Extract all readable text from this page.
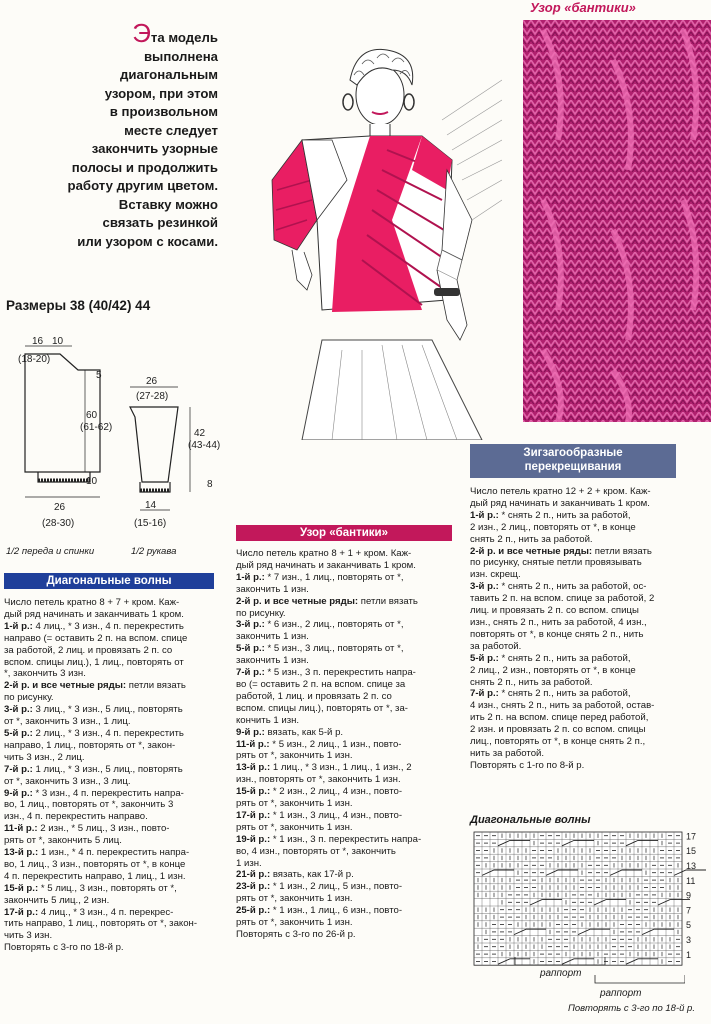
Эта модель
выполнена
диагональным
узором, при этом
в произвольном
месте следует
закончить узорные
полосы и продолжить
работу другим цветом.
Вставку можно
связать резинкой
или узором с косами.
Узор «бантики»
Размеры 38 (40/42) 44
16 10
(18-20)
5
60
(61-62)
10
26
(28-30)
26
(27-28)
42
(43-44)
8
14
(15-16)
1/2 переда и спинки	1/2 рукава
Диагональные волны
Узор «бантики»
Зигзагообразные
перекрещивания

Число петель кратно 8 + 7 + кром. Каж-

дый ряд начинать и заканчивать 1 кром.

1-й р.: 4 лиц., * 3 изн., 4 п. перекрестить

направо (= оставить 2 п. на вспом. спице

за работой, 2 лиц. и провязать 2 п. со

вспом. спицы лиц.), 1 лиц., повторять от

*, закончить 3 изн.

2-й р. и все четные ряды: петли вязать

по рисунку.

3-й р.: 3 лиц., * 3 изн., 5 лиц., повторять

от *, закончить 3 изн., 1 лиц.

5-й р.: 2 лиц., * 3 изн., 4 п. перекрестить

направо, 1 лиц., повторять от *, закон-

чить 3 изн., 2 лиц.

7-й р.: 1 лиц., * 3 изн., 5 лиц., повторять

от *, закончить 3 изн., 3 лиц.

9-й р.: * 3 изн., 4 п. перекрестить напра-

во, 1 лиц., повторять от *, закончить 3

изн., 4 п. перекрестить направо.

11-й р.: 2 изн., * 5 лиц., 3 изн., повто-

рять от *, закончить 5 лиц.

13-й р.: 1 изн., * 4 п. перекрестить напра-

во, 1 лиц., 3 изн., повторять от *, в конце

4 п. перекрестить направо, 1 лиц., 1 изн.

15-й р.: * 5 лиц., 3 изн., повторять от *,

закончить 5 лиц., 2 изн.

17-й р.: 4 лиц., * 3 изн., 4 п. перекрес-

тить направо, 1 лиц., повторять от *, закон-

чить 3 изн.

Повторять с 3-го по 18-й р.

Число петель кратно 8 + 1 + кром. Каж-

дый ряд начинать и заканчивать 1 кром.

1-й р.: * 7 изн., 1 лиц., повторять от *,

закончить 1 изн.

2-й р. и все четные ряды: петли вязать

по рисунку.

3-й р.: * 6 изн., 2 лиц., повторять от *,

закончить 1 изн.

5-й р.: * 5 изн., 3 лиц., повторять от *,

закончить 1 изн.

7-й р.: * 5 изн., 3 п. перекрестить напра-

во (= оставить 2 п. на вспом. спице за

работой, 1 лиц. и провязать 2 п. со

вспом. спицы лиц.), повторять от *, за-

кончить 1 изн.

9-й р.: вязать, как 5-й р.

11-й р.: * 5 изн., 2 лиц., 1 изн., повто-

рять от *, закончить 1 изн.

13-й р.: 1 лиц., * 3 изн., 1 лиц., 1 изн., 2

изн., повторять от *, закончить 1 изн.

15-й р.: * 2 изн., 2 лиц., 4 изн., повто-

рять от *, закончить 1 изн.

17-й р.: * 1 изн., 3 лиц., 4 изн., повто-

рять от *, закончить 1 изн.

19-й р.: * 1 изн., 3 п. перекрестить напра-

во, 4 изн., повторять от *, закончить

1 изн.

21-й р.: вязать, как 17-й р.

23-й р.: * 1 изн., 2 лиц., 5 изн., повто-

рять от *, закончить 1 изн.

25-й р.: * 1 изн., 1 лиц., 6 изн., повто-

рять от *, закончить 1 изн.

Повторять с 3-го по 26-й р.

Число петель кратно 12 + 2 + кром. Каж-

дый ряд начинать и заканчивать 1 кром.

1-й р.: * снять 2 п., нить за работой,

2 изн., 2 лиц., повторять от *, в конце

снять 2 п., нить за работой.

2-й р. и все четные ряды: петли вязать

по рисунку, снятые петли провязывать

изн. скрещ.

3-й р.: * снять 2 п., нить за работой, ос-

тавить 2 п. на вспом. спице за работой, 2

лиц. и провязать 2 п. со вспом. спицы

изн., снять 2 п., нить за работой, 4 изн.,

повторять от *, в конце снять 2 п., нить

за работой.

5-й р.: * снять 2 п., нить за работой,

2 лиц., 2 изн., повторять от *, в конце

снять 2 п., нить за работой.

7-й р.: * снять 2 п., нить за работой,

4 изн., снять 2 п., нить за работой, остав-

ить 2 п. на вспом. спице перед работой,

2 изн. и провязать 2 п. со вспом. спицы

лиц., повторять от *, в конце снять 2 п.,

нить за работой.

Повторять с 1-го по 8-й р.

Диагональные волны
17
15
13
11
9
7
5
3
1
раппорт
раппорт
Повторять с 3-го по 18-й р.
